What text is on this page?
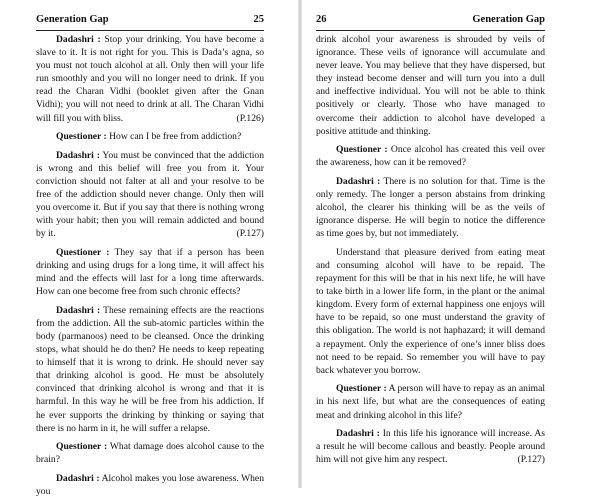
Generation Gap	25

Dadashri : Stop your drinking. You have become a slave to it. It is not right for you. This is Dada’s agna, so you must not touch alcohol at all. Only then will your life run smoothly and you will no longer need to drink. If you read the Charan Vidhi (booklet given after the Gnan Vidhi); you will not need to drink at all. The Charan Vidhi will fill you with bliss.	(P.126)

Questioner : How can I be free from addiction?

Dadashri : You must be convinced that the addiction is wrong and this belief will free you from it. Your conviction should not falter at all and your resolve to be free of the addiction should never change. Only then will you overcome it. But if you say that there is nothing wrong with your habit; then you will remain addicted and bound by it.	(P.127)

Questioner : They say that if a person has been drinking and using drugs for a long time, it will affect his mind and the effects will last for a long time afterwards. How can one become free from such chronic effects?

Dadashri : These remaining effects are the reactions from the addiction. All the sub-atomic particles within the body (parmanoos) need to be cleansed. Once the drinking stops, what should he do then? He needs to keep repeating to himself that it is wrong to drink. He should never say that drinking alcohol is good. He must be absolutely convinced that drinking alcohol is wrong and that it is harmful. In this way he will be free from his addiction. If he ever supports the drinking by thinking or saying that there is no harm in it, he will suffer a relapse.

Questioner : What damage does alcohol cause to the brain?

Dadashri : Alcohol makes you lose awareness. When you

26	Generation Gap

drink alcohol your awareness is shrouded by veils of ignorance. These veils of ignorance will accumulate and never leave. You may believe that they have dispersed, but they instead become denser and will turn you into a dull and ineffective individual. You will not be able to think positively or clearly. Those who have managed to overcome their addiction to alcohol have developed a positive attitude and thinking.

Questioner : Once alcohol has created this veil over the awareness, how can it be removed?

Dadashri : There is no solution for that. Time is the only remedy. The longer a person abstains from drinking alcohol, the clearer his thinking will be as the veils of ignorance disperse. He will begin to notice the difference as time goes by, but not immediately.

Understand that pleasure derived from eating meat and consuming alcohol will have to be repaid. The repayment for this will be that in his next life, he will have to take birth in a lower life form, in the plant or the animal kingdom. Every form of external happiness one enjoys will have to be repaid, so one must understand the gravity of this obligation. The world is not haphazard; it will demand a repayment. Only the experience of one’s inner bliss does not need to be repaid. So remember you will have to pay back whatever you borrow.

Questioner : A person will have to repay as an animal in his next life, but what are the consequences of eating meat and drinking alcohol in this life?

Dadashri : In this life his ignorance will increase. As a result he will become callous and beastly. People around him will not give him any respect.	(P.127)
